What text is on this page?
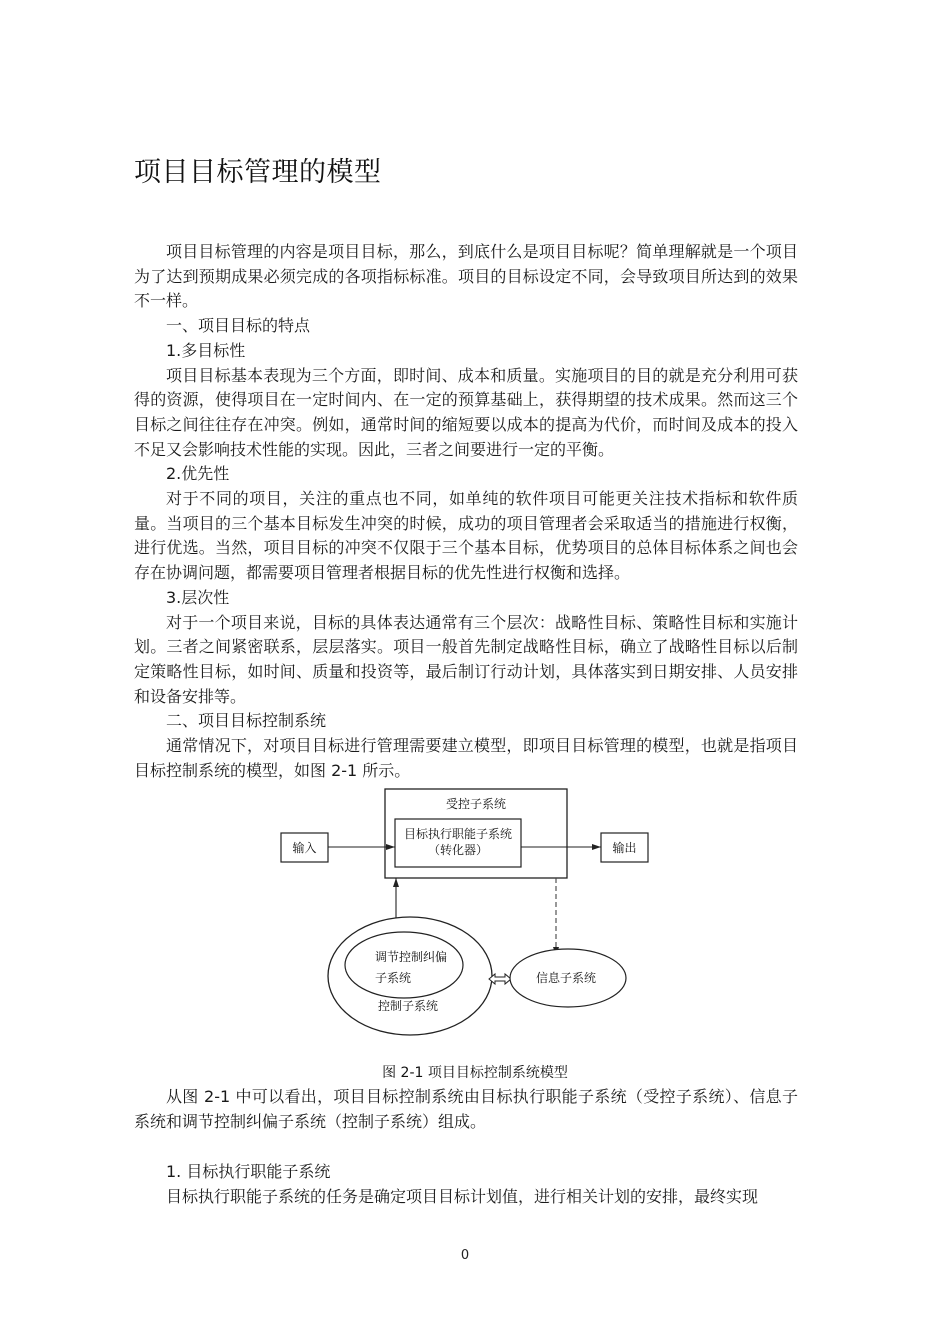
项目目标管理的模型

项目目标管理的内容是项目目标，那么，到底什么是项目目标呢？简单理解就是一个项目为了达到预期成果必须完成的各项指标标准。项目的目标设定不同，会导致项目所达到的效果不一样。

一、项目目标的特点

1.多目标性

项目目标基本表现为三个方面，即时间、成本和质量。实施项目的目的就是充分利用可获得的资源，使得项目在一定时间内、在一定的预算基础上，获得期望的技术成果。然而这三个目标之间往往存在冲突。例如，通常时间的缩短要以成本的提高为代价，而时间及成本的投入不足又会影响技术性能的实现。因此，三者之间要进行一定的平衡。

2.优先性

对于不同的项目，关注的重点也不同，如单纯的软件项目可能更关注技术指标和软件质量。当项目的三个基本目标发生冲突的时候，成功的项目管理者会采取适当的措施进行权衡，进行优选。当然，项目目标的冲突不仅限于三个基本目标，优势项目的总体目标体系之间也会存在协调问题，都需要项目管理者根据目标的优先性进行权衡和选择。

3.层次性

对于一个项目来说，目标的具体表达通常有三个层次：战略性目标、策略性目标和实施计划。三者之间紧密联系，层层落实。项目一般首先制定战略性目标，确立了战略性目标以后制定策略性目标，如时间、质量和投资等，最后制订行动计划，具体落实到日期安排、人员安排和设备安排等。

二、项目目标控制系统

通常情况下，对项目目标进行管理需要建立模型，即项目目标管理的模型，也就是指项目目标控制系统的模型，如图 2-1 所示。

输入	输出
受控子系统
目标执行职能子系统
（转化器）
调节控制纠偏
子系统
控制子系统
信息子系统
图 2-1 项目目标控制系统模型

从图 2-1 中可以看出，项目目标控制系统由目标执行职能子系统（受控子系统）、信息子系统和调节控制纠偏子系统（控制子系统）组成。

1. 目标执行职能子系统

目标执行职能子系统的任务是确定项目目标计划值，进行相关计划的安排，最终实现

0
